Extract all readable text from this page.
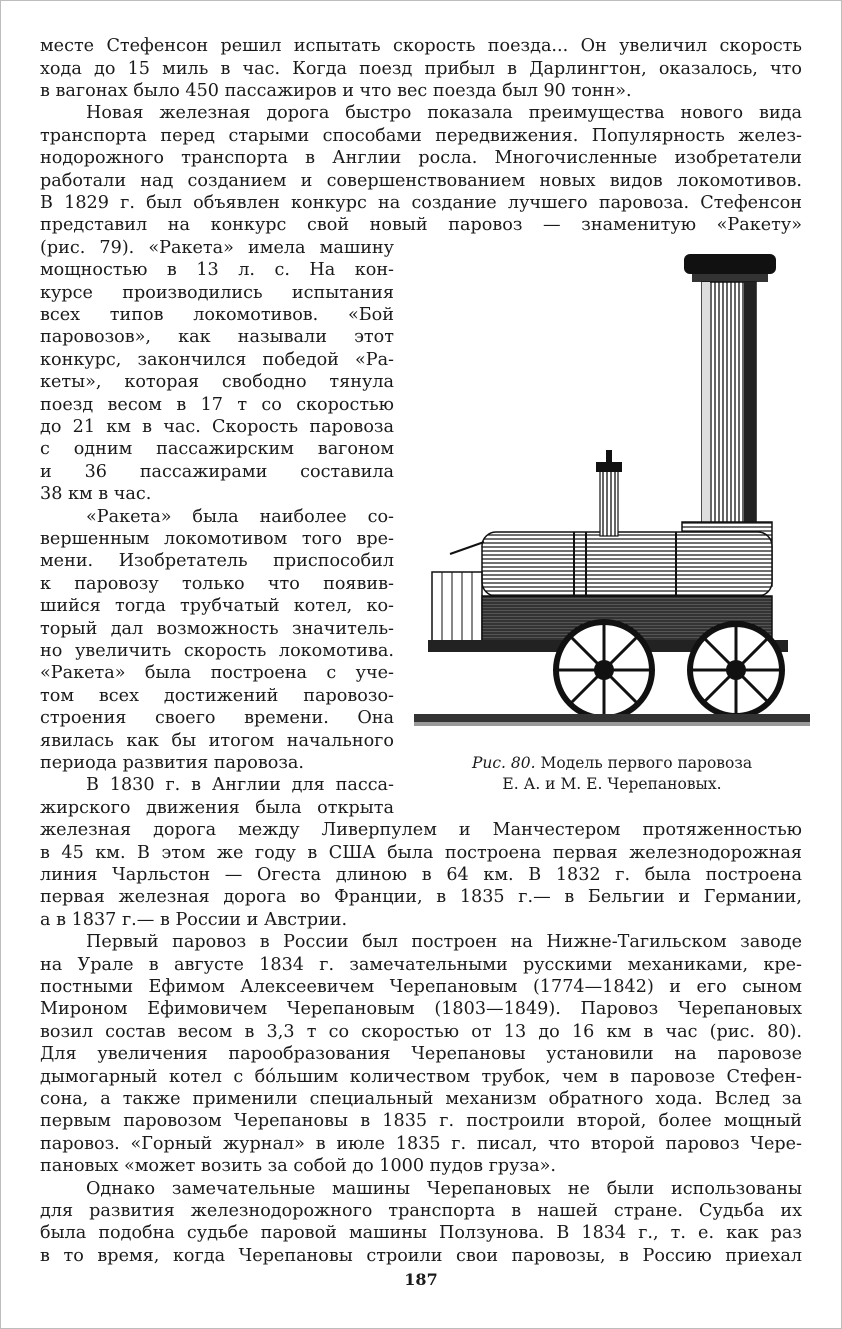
месте Стефенсон решил испытать скорость поезда... Он увеличил скорость
хода до 15 миль в час. Когда поезд прибыл в Дарлингтон, оказалось, что
в вагонах было 450 пассажиров и что вес поезда был 90 тонн».
Новая железная дорога быстро показала преимущества нового вида
транспорта перед старыми способами передвижения. Популярность желез-
нодорожного транспорта в Англии росла. Многочисленные изобретатели
работали над созданием и совершенствованием новых видов локомотивов.
В 1829 г. был объявлен конкурс на создание лучшего паровоза. Стефенсон
представил на конкурс свой новый паровоз — знаменитую «Ракету»
(рис. 79). «Ракета» имела машину
мощностью в 13 л. с. На кон-
курсе производились испытания
всех типов локомотивов. «Бой
паровозов», как называли этот
конкурс, закончился победой «Ра-
кеты», которая свободно тянула
поезд весом в 17 т со скоростью
до 21 км в час. Скорость паровоза
с одним пассажирским вагоном
и 36 пассажирами составила
38 км в час.
«Ракета» была наиболее со-
вершенным локомотивом того вре-
мени. Изобретатель приспособил
к паровозу только что появив-
шийся тогда трубчатый котел, ко-
торый дал возможность значитель-
но увеличить скорость локомотива.
«Ракета» была построена с уче-
том всех достижений паровозо-
строения своего времени. Она
явилась как бы итогом начального
периода развития паровоза.
В 1830 г. в Англии для пасса-
жирского движения была открыта
железная дорога между Ливерпулем и Манчестером протяженностью
в 45 км. В этом же году в США была построена первая железнодорожная
линия Чарльстон — Огеста длиною в 64 км. В 1832 г. была построена
первая железная дорога во Франции, в 1835 г.— в Бельгии и Германии,
а в 1837 г.— в России и Австрии.
Первый паровоз в России был построен на Нижне-Тагильском заводе
на Урале в августе 1834 г. замечательными русскими механиками, кре-
постными Ефимом Алексеевичем Черепановым (1774—1842) и его сыном
Мироном Ефимовичем Черепановым (1803—1849). Паровоз Черепановых
возил состав весом в 3,3 т со скоростью от 13 до 16 км в час (рис. 80).
Для увеличения парообразования Черепановы установили на паровозе
дымогарный котел с бóльшим количеством трубок, чем в паровозе Стефен-
сона, а также применили специальный механизм обратного хода. Вслед за
первым паровозом Черепановы в 1835 г. построили второй, более мощный
паровоз. «Горный журнал» в июле 1835 г. писал, что второй паровоз Чере-
пановых «может возить за собой до 1000 пудов груза».
Однако замечательные машины Черепановых не были использованы
для развития железнодорожного транспорта в нашей стране. Судьба их
была подобна судьбе паровой машины Ползунова. В 1834 г., т. е. как раз
в то время, когда Черепановы строили свои паровозы, в Россию приехал
Рис. 80. Модель первого паровоза
Е. А. и М. Е. Черепановых.
187
